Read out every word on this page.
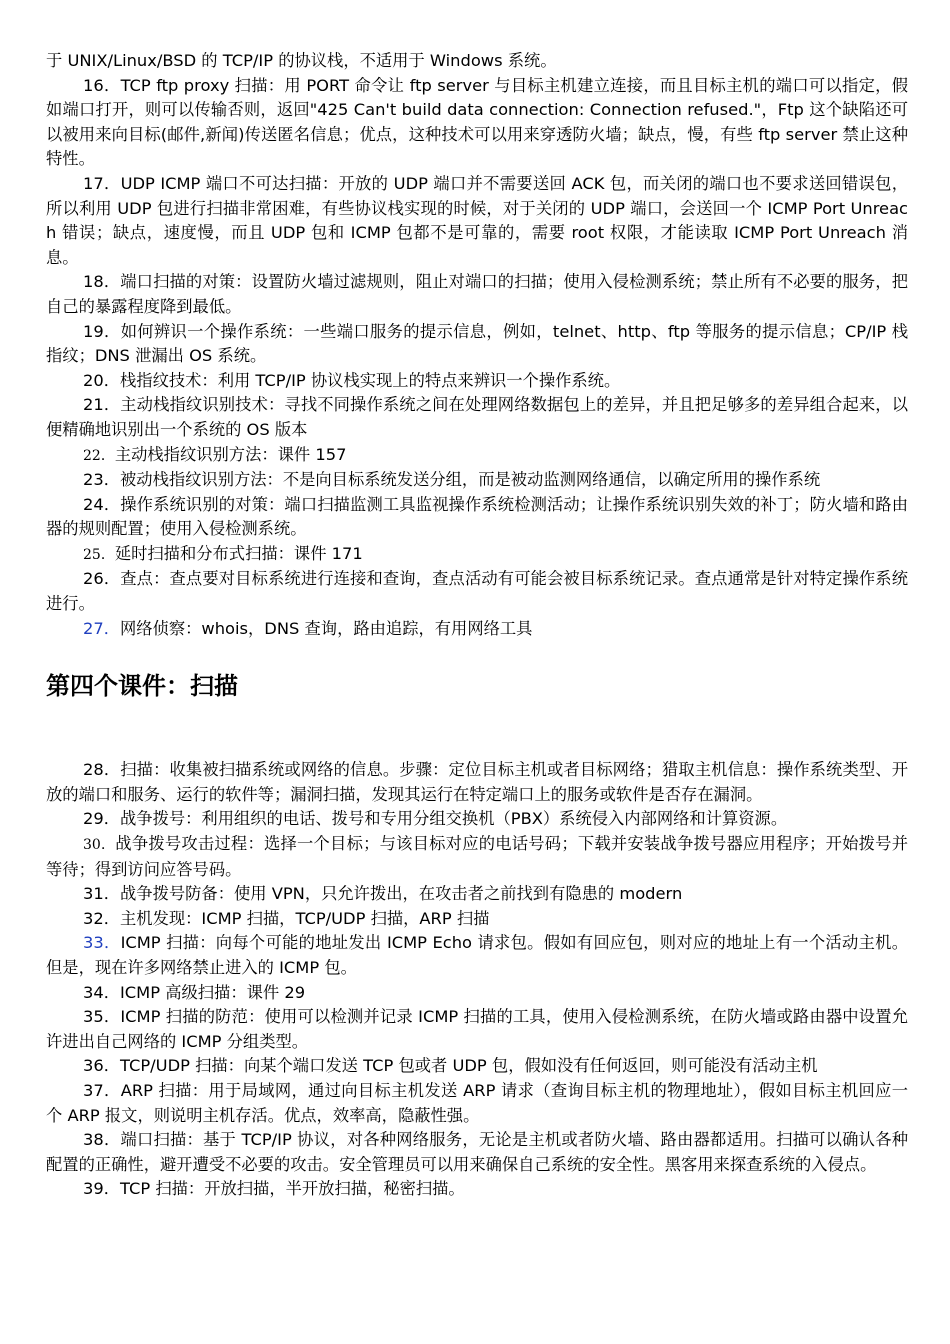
于 UNIX/Linux/BSD 的 TCP/IP 的协议栈，不适用于 Windows 系统。

16．TCP ftp proxy 扫描：用 PORT 命令让 ftp server 与目标主机建立连接，而且目标主机的端口可以指定，假如端口打开，则可以传输否则，返回"425 Can't build data connection: Connection refused."，Ftp 这个缺陷还可以被用来向目标(邮件,新闻)传送匿名信息；优点，这种技术可以用来穿透防火墙；缺点，慢，有些 ftp server 禁止这种特性。

17．UDP ICMP 端口不可达扫描：开放的 UDP 端口并不需要送回 ACK 包，而关闭的端口也不要求送回错误包，所以利用 UDP 包进行扫描非常困难，有些协议栈实现的时候，对于关闭的 UDP 端口，会送回一个 ICMP Port Unreach 错误；缺点，速度慢，而且 UDP 包和 ICMP 包都不是可靠的，需要 root 权限，才能读取 ICMP Port Unreach 消息。

18．端口扫描的对策：设置防火墙过滤规则，阻止对端口的扫描；使用入侵检测系统；禁止所有不必要的服务，把自己的暴露程度降到最低。

19．如何辨识一个操作系统：一些端口服务的提示信息，例如，telnet、http、ftp 等服务的提示信息；CP/IP 栈指纹；DNS 泄漏出 OS 系统。

20．栈指纹技术：利用 TCP/IP 协议栈实现上的特点来辨识一个操作系统。

21．主动栈指纹识别技术：寻找不同操作系统之间在处理网络数据包上的差异，并且把足够多的差异组合起来，以便精确地识别出一个系统的 OS 版本

22．主动栈指纹识别方法：课件 157

23．被动栈指纹识别方法：不是向目标系统发送分组，而是被动监测网络通信，以确定所用的操作系统

24．操作系统识别的对策：端口扫描监测工具监视操作系统检测活动；让操作系统识别失效的补丁；防火墙和路由器的规则配置；使用入侵检测系统。

25．延时扫描和分布式扫描：课件 171

26．查点：查点要对目标系统进行连接和查询，查点活动有可能会被目标系统记录。查点通常是针对特定操作系统进行。

27．网络侦察：whois，DNS 查询，路由追踪，有用网络工具

第四个课件：扫描

28．扫描：收集被扫描系统或网络的信息。步骤：定位目标主机或者目标网络；猎取主机信息：操作系统类型、开放的端口和服务、运行的软件等；漏洞扫描，发现其运行在特定端口上的服务或软件是否存在漏洞。

29．战争拨号：利用组织的电话、拨号和专用分组交换机（PBX）系统侵入内部网络和计算资源。

30．战争拨号攻击过程：选择一个目标；与该目标对应的电话号码；下载并安装战争拨号器应用程序；开始拨号并等待；得到访问应答号码。

31．战争拨号防备：使用 VPN，只允许拨出，在攻击者之前找到有隐患的 modern

32．主机发现：ICMP 扫描，TCP/UDP 扫描，ARP 扫描

33．ICMP 扫描：向每个可能的地址发出 ICMP Echo 请求包。假如有回应包，则对应的地址上有一个活动主机。但是，现在许多网络禁止进入的 ICMP 包。

34．ICMP 高级扫描：课件 29

35．ICMP 扫描的防范：使用可以检测并记录 ICMP 扫描的工具，使用入侵检测系统，在防火墙或路由器中设置允许进出自己网络的 ICMP 分组类型。

36．TCP/UDP 扫描：向某个端口发送 TCP 包或者 UDP 包，假如没有任何返回，则可能没有活动主机

37．ARP 扫描：用于局域网，通过向目标主机发送 ARP 请求（查询目标主机的物理地址），假如目标主机回应一个 ARP 报文，则说明主机存活。优点，效率高，隐蔽性强。

38．端口扫描：基于 TCP/IP 协议，对各种网络服务，无论是主机或者防火墙、路由器都适用。扫描可以确认各种配置的正确性，避开遭受不必要的攻击。安全管理员可以用来确保自己系统的安全性。黑客用来探查系统的入侵点。

39．TCP 扫描：开放扫描，半开放扫描，秘密扫描。
